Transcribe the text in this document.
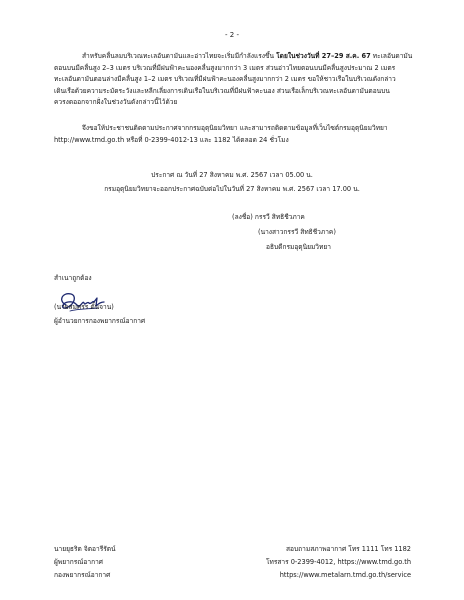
- 2 -
สำหรับคลื่นลมบริเวณทะเลอันดามันและอ่าวไทยจะเริ่มมีกำลังแรงขึ้น โดยในช่วงวันที่ 27–29 ส.ค. 67 ทะเลอันดามัน
ตอนบนมีคลื่นสูง 2–3 เมตร บริเวณที่มีฝนฟ้าคะนองคลื่นสูงมากกว่า 3 เมตร ส่วนอ่าวไทยตอนบนมีคลื่นสูงประมาณ 2 เมตร
ทะเลอันดามันตอนล่างมีคลื่นสูง 1–2 เมตร บริเวณที่มีฝนฟ้าคะนองคลื่นสูงมากกว่า 2 เมตร ขอให้ชาวเรือในบริเวณดังกล่าว
เดินเรือด้วยความระมัดระวังและหลีกเลี่ยงการเดินเรือในบริเวณที่มีฝนฟ้าคะนอง ส่วนเรือเล็กบริเวณทะเลอันดามันตอนบน
ควรงดออกจากฝั่งในช่วงวันดังกล่าวนี้ไว้ด้วย
จึงขอให้ประชาชนติดตามประกาศจากกรมอุตุนิยมวิทยา และสามารถติดตามข้อมูลที่เว็บไซต์กรมอุตุนิยมวิทยา
http://www.tmd.go.th หรือที่ 0-2399-4012-13 และ 1182 ได้ตลอด 24 ชั่วโมง
ประกาศ ณ วันที่ 27 สิงหาคม พ.ศ. 2567 เวลา 05.00 น.
กรมอุตุนิยมวิทยาจะออกประกาศฉบับต่อไปในวันที่ 27 สิงหาคม พ.ศ. 2567 เวลา 17.00 น.
(ลงชื่อ) กรรวี สิทธิชีวภาค
(นางสาวกรรวี สิทธิชีวภาค)
อธิบดีกรมอุตุนิยมวิทยา
สำเนาถูกต้อง
(นายสมศรร ตั้นจาน)
ผู้อำนวยการกองพยากรณ์อากาศ
นายยุธริต จิตอารีรัตน์
ผู้พยากรณ์อากาศ
กองพยากรณ์อากาศ
สอบถามสภาพอากาศ โทร 1111 โทร 1182
โทรสาร 0-2399-4012, https://www.tmd.go.th
https://www.metalarn.tmd.go.th/service
